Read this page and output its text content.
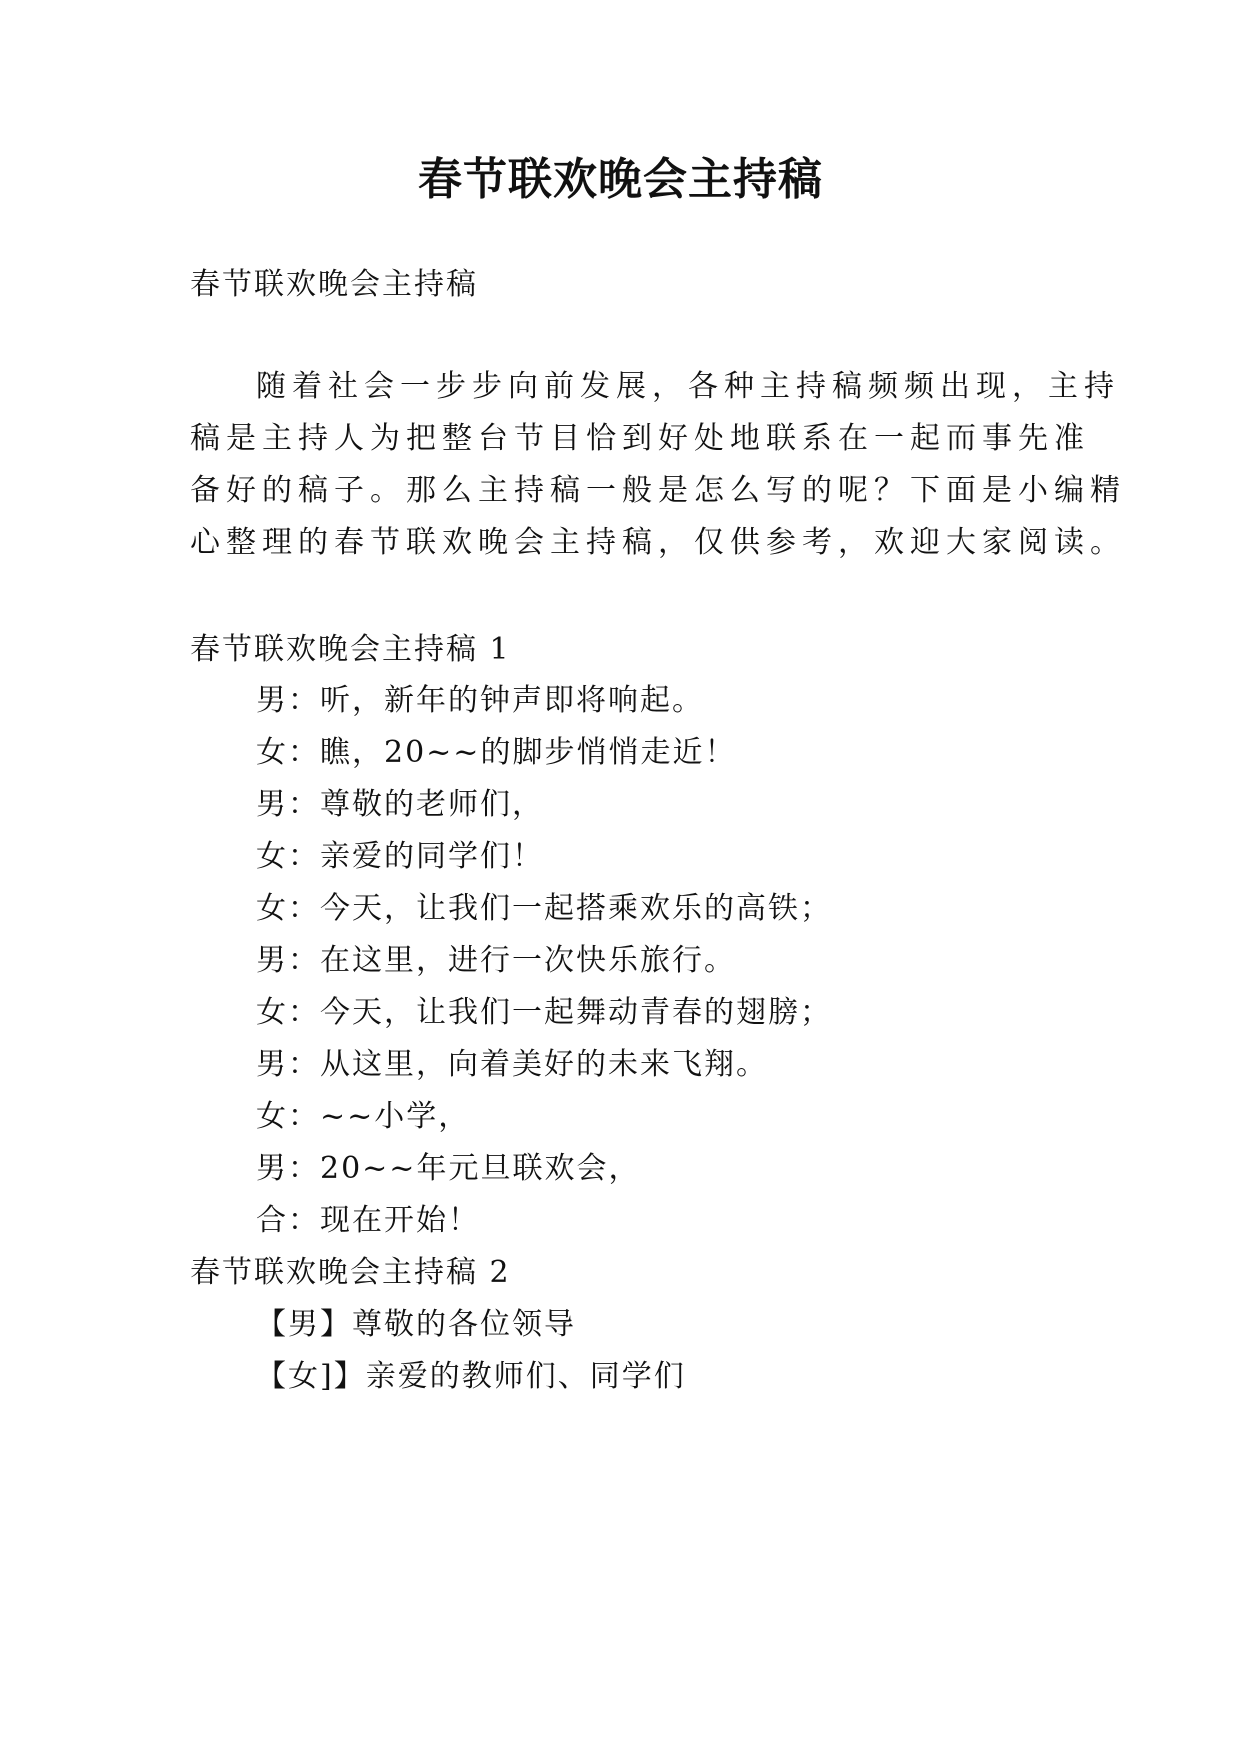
春节联欢晚会主持稿
春节联欢晚会主持稿
随着社会一步步向前发展，各种主持稿频频出现，主持
稿是主持人为把整台节目恰到好处地联系在一起而事先准
备好的稿子。那么主持稿一般是怎么写的呢？下面是小编精
心整理的春节联欢晚会主持稿，仅供参考，欢迎大家阅读。
春节联欢晚会主持稿 1
男：听，新年的钟声即将响起。
女：瞧，20~~的脚步悄悄走近！
男：尊敬的老师们，
女：亲爱的同学们！
女：今天，让我们一起搭乘欢乐的高铁；
男：在这里，进行一次快乐旅行。
女：今天，让我们一起舞动青春的翅膀；
男：从这里，向着美好的未来飞翔。
女：~~小学，
男：20~~年元旦联欢会，
合：现在开始！
春节联欢晚会主持稿 2
【男】尊敬的各位领导
【女]】亲爱的教师们、同学们
